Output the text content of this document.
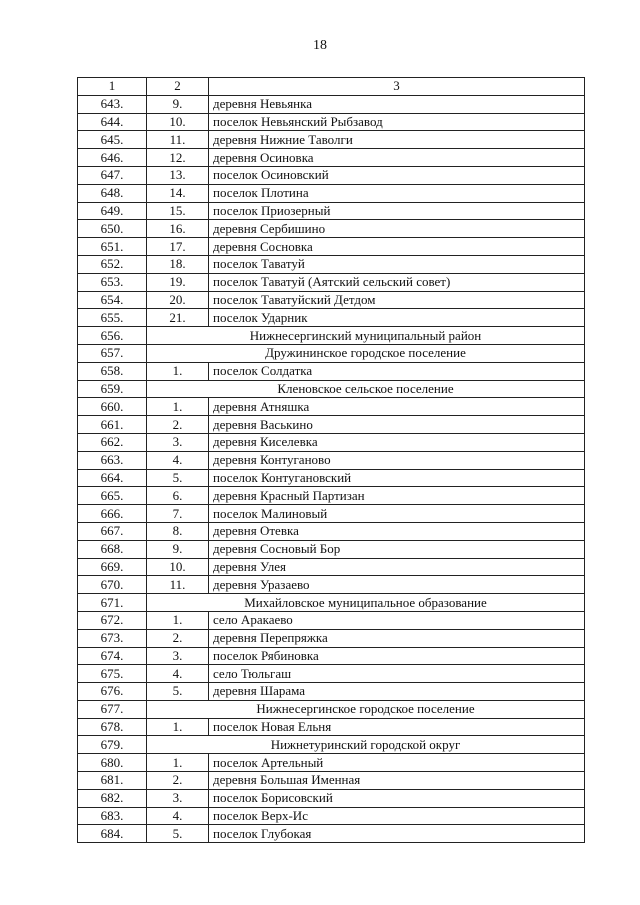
18
1	2	3
643.	9.	деревня Невьянка
644.	10.	поселок Невьянский Рыбзавод
645.	11.	деревня Нижние Таволги
646.	12.	деревня Осиновка
647.	13.	поселок Осиновский
648.	14.	поселок Плотина
649.	15.	поселок Приозерный
650.	16.	деревня Сербишино
651.	17.	деревня Сосновка
652.	18.	поселок Таватуй
653.	19.	поселок Таватуй (Аятский сельский совет)
654.	20.	поселок Таватуйский Детдом
655.	21.	поселок Ударник
656.	Нижнесергинский муниципальный район	
657.	Дружининское городское поселение	
658.	1.	поселок Солдатка
659.	Кленовское сельское поселение	
660.	1.	деревня Атняшка
661.	2.	деревня Васькино
662.	3.	деревня Киселевка
663.	4.	деревня Контуганово
664.	5.	поселок Контугановский
665.	6.	деревня Красный Партизан
666.	7.	поселок Малиновый
667.	8.	деревня Отевка
668.	9.	деревня Сосновый Бор
669.	10.	деревня Улея
670.	11.	деревня Уразаево
671.	Михайловское муниципальное образование	
672.	1.	село Аракаево
673.	2.	деревня Перепряжка
674.	3.	поселок Рябиновка
675.	4.	село Тюльгаш
676.	5.	деревня Шарама
677.	Нижнесергинское городское поселение	
678.	1.	поселок Новая Ельня
679.	Нижнетуринский городской округ	
680.	1.	поселок Артельный
681.	2.	деревня Большая Именная
682.	3.	поселок Борисовский
683.	4.	поселок Верх-Ис
684.	5.	поселок Глубокая
